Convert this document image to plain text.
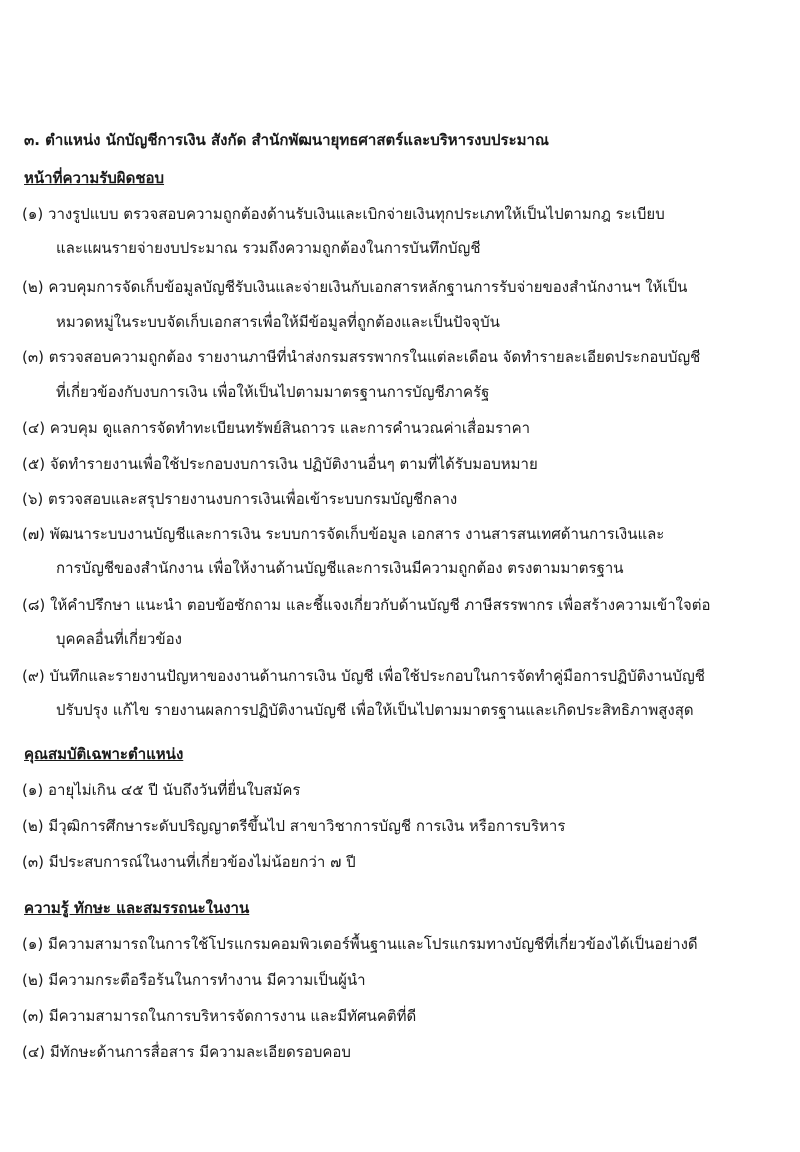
๓. ตำแหน่ง นักบัญชีการเงิน สังกัด สำนักพัฒนายุทธศาสตร์และบริหารงบประมาณ
หน้าที่ความรับผิดชอบ
(๑) วางรูปแบบ ตรวจสอบความถูกต้องด้านรับเงินและเบิกจ่ายเงินทุกประเภทให้เป็นไปตามกฎ ระเบียบ
และแผนรายจ่ายงบประมาณ รวมถึงความถูกต้องในการบันทึกบัญชี
(๒) ควบคุมการจัดเก็บข้อมูลบัญชีรับเงินและจ่ายเงินกับเอกสารหลักฐานการรับจ่ายของสำนักงานฯ ให้เป็น
หมวดหมู่ในระบบจัดเก็บเอกสารเพื่อให้มีข้อมูลที่ถูกต้องและเป็นปัจจุบัน
(๓) ตรวจสอบความถูกต้อง รายงานภาษีที่นำส่งกรมสรรพากรในแต่ละเดือน จัดทำรายละเอียดประกอบบัญชี
ที่เกี่ยวข้องกับงบการเงิน เพื่อให้เป็นไปตามมาตรฐานการบัญชีภาครัฐ
(๔) ควบคุม ดูแลการจัดทำทะเบียนทรัพย์สินถาวร และการคำนวณค่าเสื่อมราคา
(๕) จัดทำรายงานเพื่อใช้ประกอบงบการเงิน ปฏิบัติงานอื่นๆ ตามที่ได้รับมอบหมาย
(๖) ตรวจสอบและสรุปรายงานงบการเงินเพื่อเข้าระบบกรมบัญชีกลาง
(๗) พัฒนาระบบงานบัญชีและการเงิน ระบบการจัดเก็บข้อมูล เอกสาร งานสารสนเทศด้านการเงินและ
การบัญชีของสำนักงาน เพื่อให้งานด้านบัญชีและการเงินมีความถูกต้อง ตรงตามมาตรฐาน
(๘) ให้คำปรึกษา แนะนำ ตอบข้อซักถาม และชี้แจงเกี่ยวกับด้านบัญชี ภาษีสรรพากร เพื่อสร้างความเข้าใจต่อ
บุคคลอื่นที่เกี่ยวข้อง
(๙) บันทึกและรายงานปัญหาของงานด้านการเงิน บัญชี เพื่อใช้ประกอบในการจัดทำคู่มือการปฏิบัติงานบัญชี
ปรับปรุง แก้ไข รายงานผลการปฏิบัติงานบัญชี เพื่อให้เป็นไปตามมาตรฐานและเกิดประสิทธิภาพสูงสุด
คุณสมบัติเฉพาะตำแหน่ง
(๑) อายุไม่เกิน ๔๕ ปี นับถึงวันที่ยื่นใบสมัคร
(๒) มีวุฒิการศึกษาระดับปริญญาตรีขึ้นไป สาขาวิชาการบัญชี การเงิน หรือการบริหาร
(๓) มีประสบการณ์ในงานที่เกี่ยวข้องไม่น้อยกว่า ๗ ปี
ความรู้ ทักษะ และสมรรถนะในงาน
(๑) มีความสามารถในการใช้โปรแกรมคอมพิวเตอร์พื้นฐานและโปรแกรมทางบัญชีที่เกี่ยวข้องได้เป็นอย่างดี
(๒) มีความกระตือรือร้นในการทำงาน มีความเป็นผู้นำ
(๓) มีความสามารถในการบริหารจัดการงาน และมีทัศนคติที่ดี
(๔) มีทักษะด้านการสื่อสาร มีความละเอียดรอบคอบ
